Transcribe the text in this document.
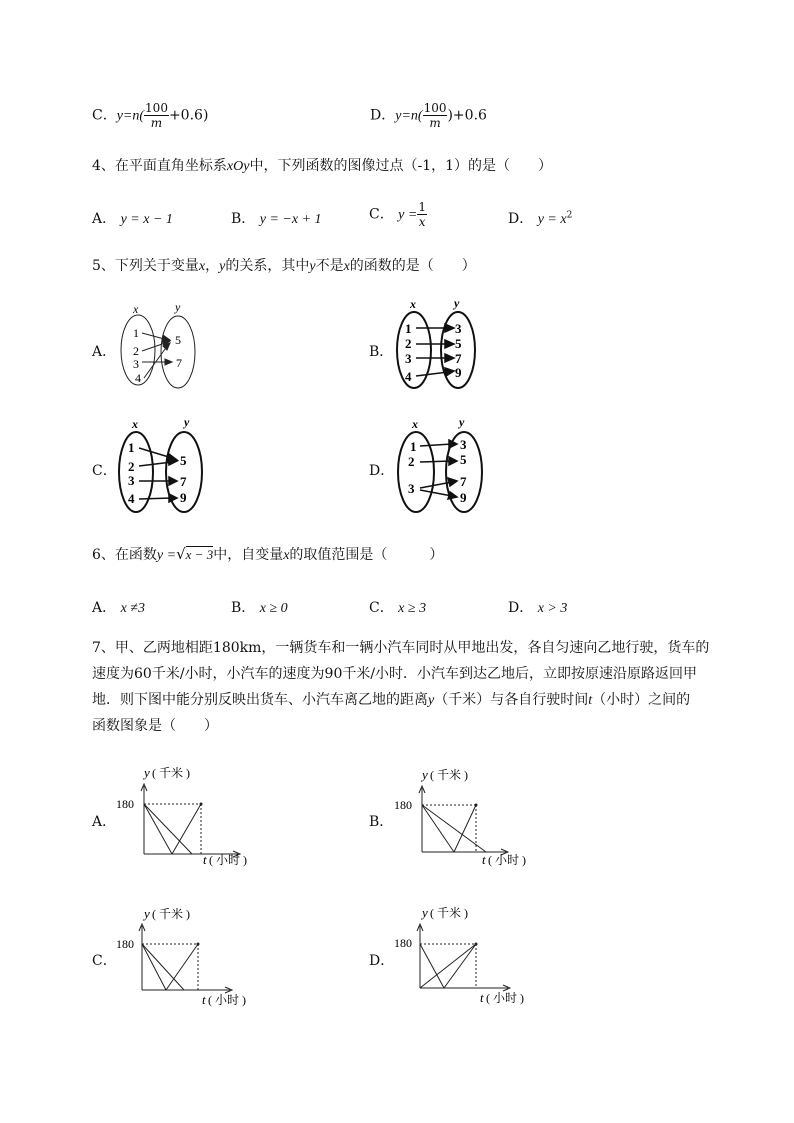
C．$y=n( \frac{100}{m} +0.6)$	D．$y=n( \frac{100}{m} )+0.6$
4、在平面直角坐标系xOy中，下列函数的图像过点（-1，1）的是（　　）
A． y = x − 1	B． y = −x + 1	C． $y = \frac{1}{x}$	D． $y = x^2$
5、下列关于变量x，y的关系，其中y不是x的函数的是（　　）
A．
x	y
1
2
3
4
5
7
B．
x	y
1
2
3
4
3
5
7
9
C．
x	y
1
2
3
4
5
7
9
D．
x	y
1
2
3
3
5
7
9
6、在函数y =√x − 3中，自变量x的取值范围是（　　　）
A． x ≠3	B． x ≥ 0	C． x ≥ 3	D． x > 3
7、甲、乙两地相距180km，一辆货车和一辆小汽车同时从甲地出发，各自匀速向乙地行驶，货车的
速度为60千米/小时，小汽车的速度为90千米/小时．小汽车到达乙地后，立即按原速沿原路返回甲
地．则下图中能分别反映出货车、小汽车离乙地的距离y（千米）与各自行驶时间t（小时）之间的
函数图象是（　　）
A．
y ( 千米 )
180
t ( 小时 )
B．
y ( 千米 )
180
t ( 小时 )
C．
y ( 千米 )
180
t ( 小时 )
D．
y ( 千米 )
180
t ( 小时 )
